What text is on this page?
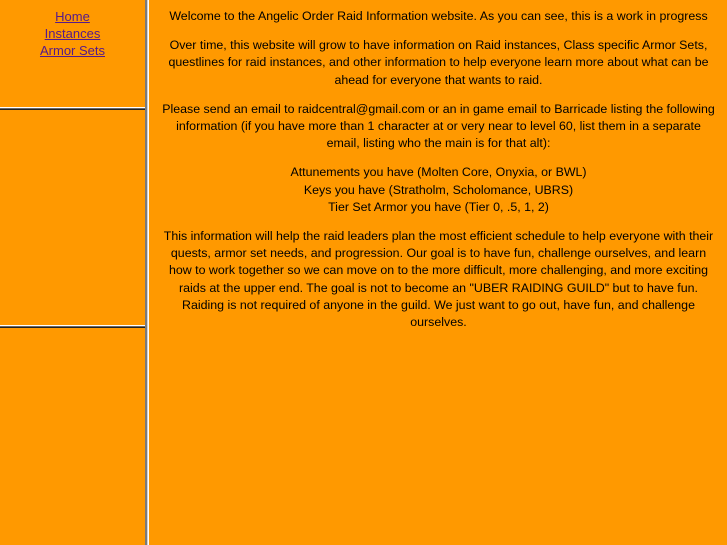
Home
Instances
Armor Sets

Welcome to the Angelic Order Raid Information website. As you can see, this is a work in progress

Over time, this website will grow to have information on Raid instances, Class specific Armor Sets, questlines for raid instances, and other information to help everyone learn more about what can be ahead for everyone that wants to raid.

Please send an email to raidcentral@gmail.com or an in game email to Barricade listing the following information (if you have more than 1 character at or very near to level 60, list them in a separate email, listing who the main is for that alt):

Attunements you have (Molten Core, Onyxia, or BWL)
Keys you have (Stratholm, Scholomance, UBRS)
Tier Set Armor you have (Tier 0, .5, 1, 2)

This information will help the raid leaders plan the most efficient schedule to help everyone with their quests, armor set needs, and progression. Our goal is to have fun, challenge ourselves, and learn how to work together so we can move on to the more difficult, more challenging, and more exciting raids at the upper end. The goal is not to become an "UBER RAIDING GUILD" but to have fun. Raiding is not required of anyone in the guild. We just want to go out, have fun, and challenge ourselves.
